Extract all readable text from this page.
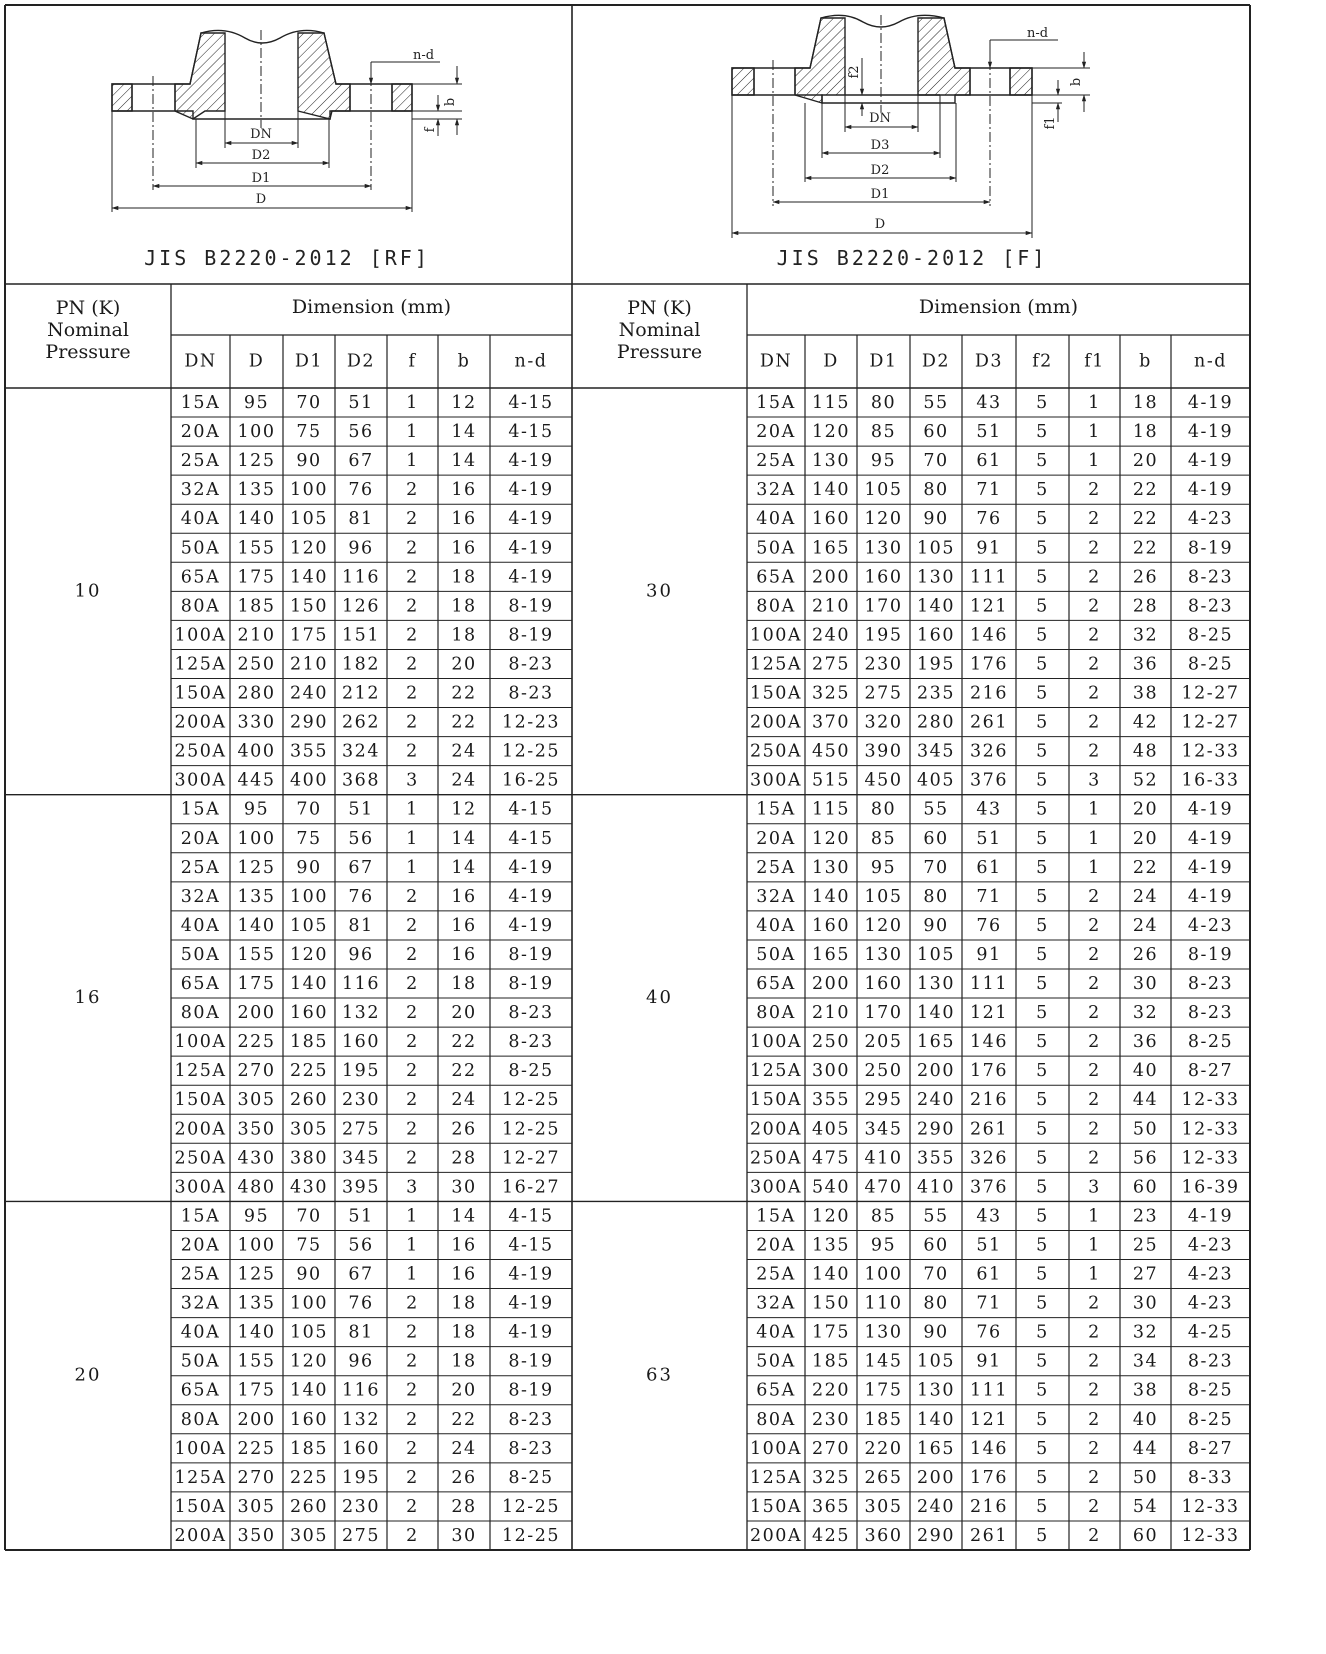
n-d
b
f
DN
D2
D1
D
JIS B2220-2012 [RF]
n-d
b
f1
f2
DN
D3
D2
D1
D
JIS B2220-2012 [F]
PN (K)
Nominal
Pressure
Dimension (mm)
DN D D1 D2 f b	n-d
15A 95 70 51 1 12 4-15
20A 100 75 56 1 14 4-15
25A 125 90 67 1 14 4-19
32A 135 100 76 2 16 4-19
40A 140 105 81 2 16 4-19
50A 155 120 96 2 16 4-19
65A 175 140 116 2 18 4-19
80A 185 150 126 2 18 8-19
100A 210 175 151 2 18 8-19
125A 250 210 182 2 20 8-23
150A 280 240 212 2 22 8-23
200A 330 290 262 2 22 12-23
250A 400 355 324 2 24 12-25
300A 445 400 368 3 24 16-25
10
15A 95 70 51 1 12 4-15
20A 100 75 56 1 14 4-15
25A 125 90 67 1 14 4-19
32A 135 100 76 2 16 4-19
40A 140 105 81 2 16 4-19
50A 155 120 96 2 16 8-19
65A 175 140 116 2 18 8-19
80A 200 160 132 2 20 8-23
100A 225 185 160 2 22 8-23
125A 270 225 195 2 22 8-25
150A 305 260 230 2 24 12-25
200A 350 305 275 2 26 12-25
250A 430 380 345 2 28 12-27
300A 480 430 395 3 30 16-27
16
15A 95 70 51 1 14 4-15
20A 100 75 56 1 16 4-15
25A 125 90 67 1 16 4-19
32A 135 100 76 2 18 4-19
40A 140 105 81 2 18 4-19
50A 155 120 96 2 18 8-19
65A 175 140 116 2 20 8-19
80A 200 160 132 2 22 8-23
100A 225 185 160 2 24 8-23
125A 270 225 195 2 26 8-25
150A 305 260 230 2 28 12-25
200A 350 305 275 2 30 12-25
20
PN (K)
Nominal
Pressure
Dimension (mm)
DN D D1 D2 D3 f2 f1 b n-d
15A 115 80 55 43 5 1 18 4-19
20A 120 85 60 51 5 1 18 4-19
25A 130 95 70 61 5 1 20 4-19
32A 140 105 80 71 5 2 22 4-19
40A 160 120 90 76 5 2 22 4-23
50A 165 130 105 91 5 2 22 8-19
65A 200 160 130 111 5 2 26 8-23
80A 210 170 140 121 5 2 28 8-23
100A 240 195 160 146 5 2 32 8-25
125A 275 230 195 176 5 2 36 8-25
150A 325 275 235 216 5 2 38 12-27
200A 370 320 280 261 5 2 42 12-27
250A 450 390 345 326 5 2 48 12-33
300A 515 450 405 376 5 3 52 16-33
30
15A 115 80 55 43 5 1 20 4-19
20A 120 85 60 51 5 1 20 4-19
25A 130 95 70 61 5 1 22 4-19
32A 140 105 80 71 5 2 24 4-19
40A 160 120 90 76 5 2 24 4-23
50A 165 130 105 91 5 2 26 8-19
65A 200 160 130 111 5 2 30 8-23
80A 210 170 140 121 5 2 32 8-23
100A 250 205 165 146 5 2 36 8-25
125A 300 250 200 176 5 2 40 8-27
150A 355 295 240 216 5 2 44 12-33
200A 405 345 290 261 5 2 50 12-33
250A 475 410 355 326 5 2 56 12-33
300A 540 470 410 376 5 3 60 16-39
40
15A 120 85 55 43 5 1 23 4-19
20A 135 95 60 51 5 1 25 4-23
25A 140 100 70 61 5 1 27 4-23
32A 150 110 80 71 5 2 30 4-23
40A 175 130 90 76 5 2 32 4-25
50A 185 145 105 91 5 2 34 8-23
65A 220 175 130 111 5 2 38 8-25
80A 230 185 140 121 5 2 40 8-25
100A 270 220 165 146 5 2 44 8-27
125A 325 265 200 176 5 2 50 8-33
150A 365 305 240 216 5 2 54 12-33
200A 425 360 290 261 5 2 60 12-33
63
